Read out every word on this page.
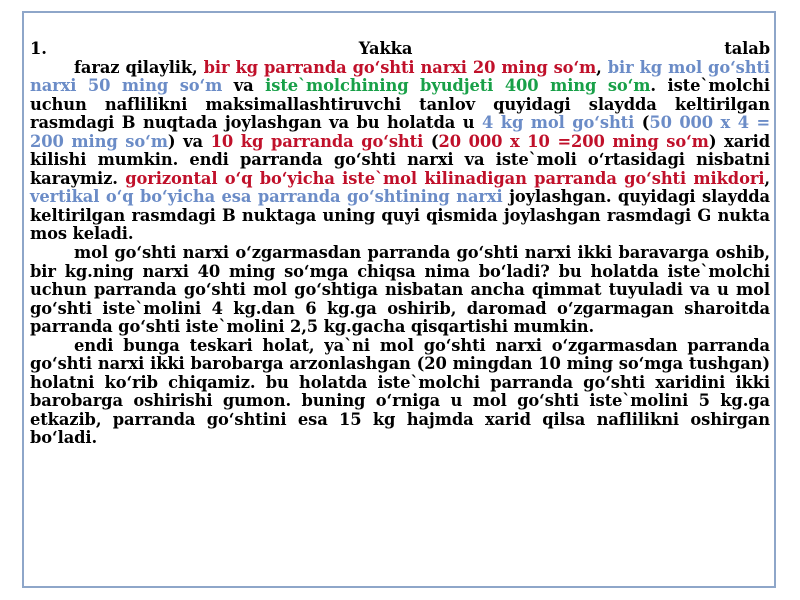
1.	Yakka	talab

faraz qilaylik, bir kg parranda go‘shti narxi 20 ming so‘m, bir kg mol go‘shti narxi 50 ming so‘m va iste`molchining byudjeti 400 ming so‘m. iste`molchi uchun naflilikni maksimallashtiruvchi tanlov quyidagi slaydda keltirilgan rasmdagi B nuqtada joylashgan va bu holatda u 4 kg mol go‘shti (50 000 x 4 = 200 ming so‘m) va 10 kg parranda go‘shti (20 000 x 10 =200 ming so‘m) xarid kilishi mumkin. endi parranda go‘shti narxi va iste`moli o‘rtasidagi nisbatni karaymiz. gorizontal o‘q bo‘yicha iste`mol kilinadigan parranda go‘shti mikdori, vertikal o‘q bo‘yicha esa parranda go‘shtining narxi joylashgan. quyidagi slaydda keltirilgan rasmdagi B nuktaga uning quyi qismida joylashgan rasmdagi G nukta mos keladi.

mol go‘shti narxi o‘zgarmasdan parranda go‘shti narxi ikki baravarga oshib, bir kg.ning narxi 40 ming so‘mga chiqsa nima bo‘ladi? bu holatda iste`molchi uchun parranda go‘shti mol go‘shtiga nisbatan ancha qimmat tuyuladi va u mol go‘shti iste`molini 4 kg.dan 6 kg.ga oshirib, daromad o‘zgarmagan sharoitda parranda go‘shti iste`molini 2,5 kg.gacha qisqartishi mumkin.

endi bunga teskari holat, ya`ni mol go‘shti narxi o‘zgarmasdan parranda go‘shti narxi ikki barobarga arzonlashgan (20 mingdan 10 ming so‘mga tushgan) holatni ko‘rib chiqamiz. bu holatda iste`molchi parranda go‘shti xaridini ikki barobarga oshirishi gumon. buning o‘rniga u mol go‘shti iste`molini 5 kg.ga etkazib, parranda go‘shtini esa 15 kg hajmda xarid qilsa naflilikni oshirgan bo‘ladi.
